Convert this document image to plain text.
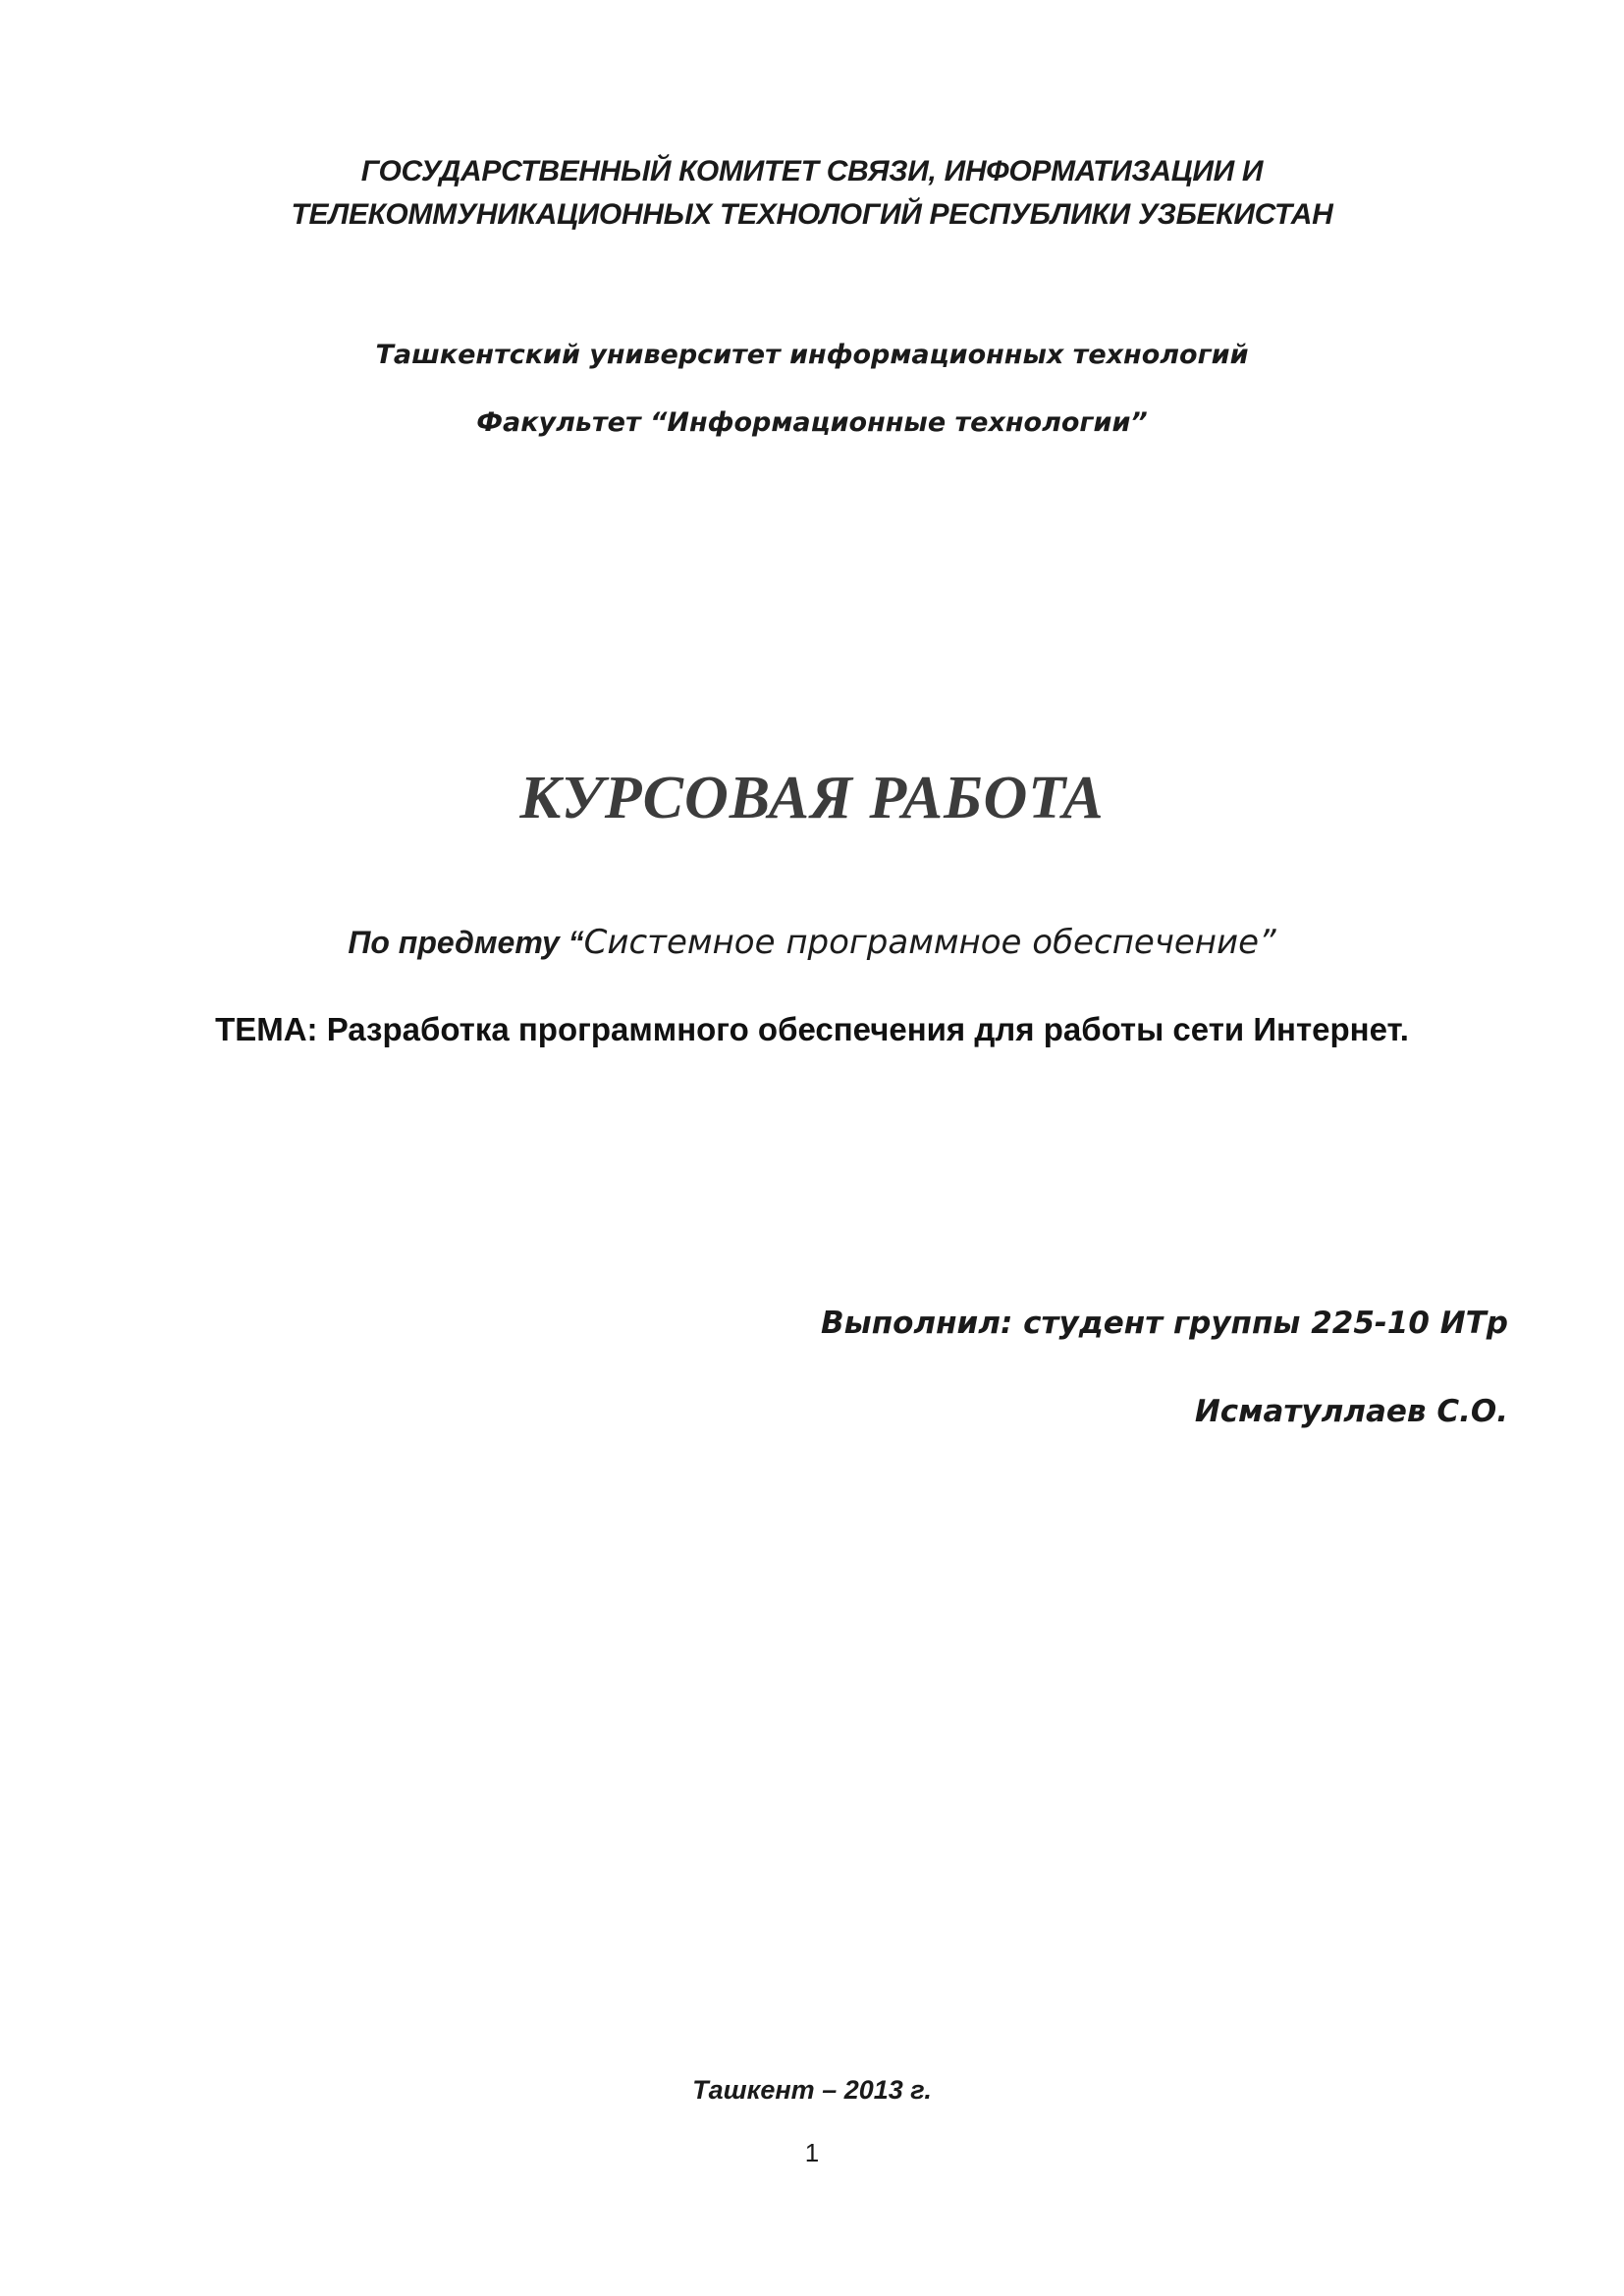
ГОСУДАРСТВЕННЫЙ КОМИТЕТ СВЯЗИ, ИНФОРМАТИЗАЦИИ И

ТЕЛЕКОММУНИКАЦИОННЫХ ТЕХНОЛОГИЙ РЕСПУБЛИКИ УЗБЕКИСТАН

Ташкентский университет информационных технологий

Факультет “Информационные технологии”

КУРСОВАЯ РАБОТА

По предмету “Системное программное обеспечение”

ТЕМА: Разработка программного обеспечения для работы сети Интернет.

Выполнил: студент группы 225-10 ИТр

Исматуллаев С.О.

Ташкент – 2013 г.

1
